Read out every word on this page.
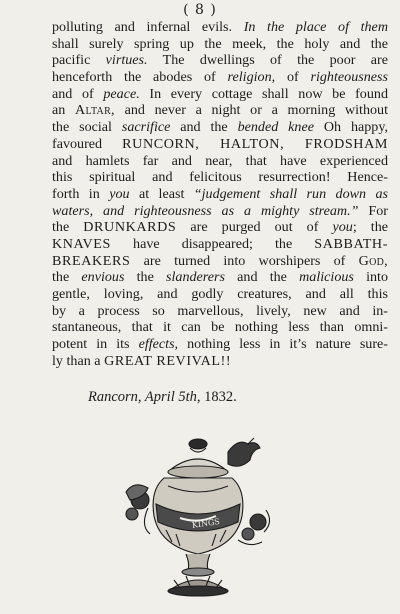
( 8 )
polluting and infernal evils. In the place of them
shall surely spring up the meek, the holy and the
pacific virtues. The dwellings of the poor are
henceforth the abodes of religion, of righteousness
and of peace. In every cottage shall now be found
an Altar, and never a night or a morning without
the social sacrifice and the bended knee Oh happy,
favoured RUNCORN, HALTON, FRODSHAM
and hamlets far and near, that have experienced
this spiritual and felicitous resurrection! Hence-
forth in you at least “judgement shall run down as
waters, and righteousness as a mighty stream.” For
the DRUNKARDS are purged out of you; the
KNAVES have disappeared; the SABBATH-
BREAKERS are turned into worshipers of God,
the envious the slanderers and the malicious into
gentle, loving, and godly creatures, and all this
by a process so marvellous, lively, new and in-
stantaneous, that it can be nothing less than omni-
potent in its effects, nothing less in it’s nature sure-
ly than a GREAT REVIVAL!!
Rancorn, April 5th, 1832.
KINGS
